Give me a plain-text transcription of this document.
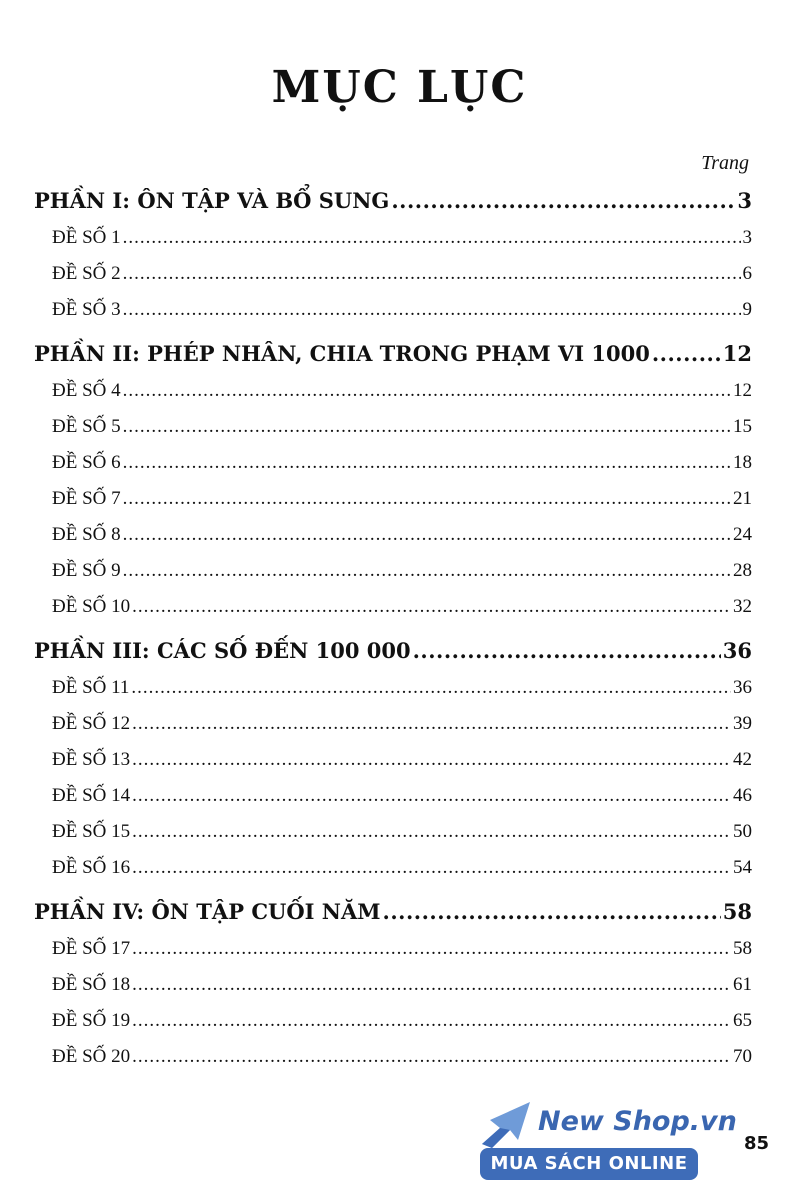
MỤC LỤC
Trang
PHẦN I: ÔN TẬP VÀ BỔ SUNG .....	3
ĐỀ SỐ 1 .....	3
ĐỀ SỐ 2 .....	6
ĐỀ SỐ 3 .....	9
PHẦN II: PHÉP NHÂN, CHIA TRONG PHẠM VI 1000 .....	12
ĐỀ SỐ 4 .....	12
ĐỀ SỐ 5 .....	15
ĐỀ SỐ 6 .....	18
ĐỀ SỐ 7 .....	21
ĐỀ SỐ 8 .....	24
ĐỀ SỐ 9 .....	28
ĐỀ SỐ 10 .....	32
PHẦN III: CÁC SỐ ĐẾN 100 000 .....	36
ĐỀ SỐ 11 .....	36
ĐỀ SỐ 12 .....	39
ĐỀ SỐ 13 .....	42
ĐỀ SỐ 14 .....	46
ĐỀ SỐ 15 .....	50
ĐỀ SỐ 16 .....	54
PHẦN IV: ÔN TẬP CUỐI NĂM .....	58
ĐỀ SỐ 17 .....	58
ĐỀ SỐ 18 .....	61
ĐỀ SỐ 19 .....	65
ĐỀ SỐ 20 .....	70
New Shop.vn
MUA SÁCH ONLINE
85
